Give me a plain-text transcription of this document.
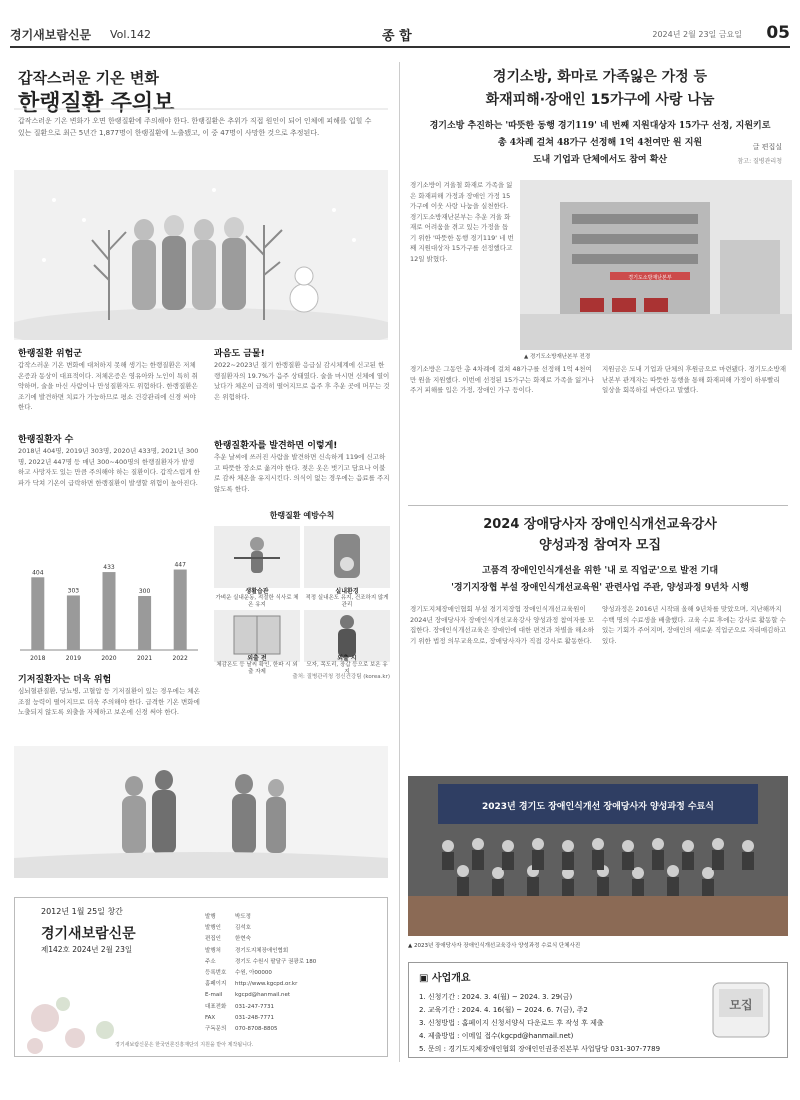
경기새보람신문 Vol.142	종 합	2024년 2월 23일 금요일 05
갑작스러운 기온 변화
한랭질환 주의보
갑작스러운 기온 변화가 오면 한랭질환에 주의해야 한다. 한랭질환은 추위가 직접 원인이 되어 인체에 피해를 입힐 수 있는 질환으로 최근 5년간 1,877명이 한랭질환에 노출됐고, 이 중 47명이 사망한 것으로 추정된다.
글 편집실
참고: 질병관리청
한랭질환 위험군
갑작스러운 기온 변화에 대처하지 못해 생기는 한랭질환은 저체온증과 동상이 대표적이다. 저체온증은 영유아와 노인이 특히 취약하며, 술을 마신 사람이나 만성질환자도 위험하다. 한랭질환은 조기에 발견하면 치료가 가능하므로 평소 건강관리에 신경 써야 한다.
한랭질환자 수
2018년 404명, 2019년 303명, 2020년 433명, 2021년 300명, 2022년 447명 등 매년 300~400명의 한랭질환자가 발생하고 사망자도 있는 만큼 주의해야 하는 질환이다. 갑작스럽게 한파가 닥쳐 기온이 급락하면 한랭질환이 발생할 위험이 높아진다.
404
2018
303
2019
433
2020
300
2021
447
2022
기저질환자는 더욱 위험
심뇌혈관질환, 당뇨병, 고혈압 등 기저질환이 있는 경우에는 체온조절 능력이 떨어지므로 더욱 주의해야 한다. 급격한 기온 변화에 노출되지 않도록 외출을 자제하고 보온에 신경 써야 한다.
과음도 금물!
2022~2023년 절기 한랭질환 응급실 감시체계에 신고된 한랭질환자의 19.7%가 음주 상태였다. 술을 마시면 신체에 열이 났다가 체온이 급격히 떨어지므로 음주 후 추운 곳에 머무는 것은 위험하다.
한랭질환자를 발견하면 이렇게!
추운 날씨에 쓰러진 사람을 발견하면 신속하게 119에 신고하고 따뜻한 장소로 옮겨야 한다. 젖은 옷은 벗기고 담요나 이불로 감싸 체온을 유지시킨다. 의식이 없는 경우에는 음료를 주지 않도록 한다.
한랭질환 예방수칙
생활습관
가벼운 실내운동, 적절한 식사로 체온 유지
실내환경
적정 실내온도 유지, 건조하지 않게 관리
외출 전
체감온도 등 날씨 확인, 한파 시 외출 자제
외출 시
모자, 목도리, 장갑 등으로 보온 유지
출처: 질병관리청 정신건강팀 (korea.kr)
2012년 1월 25일 창간
경기새보람신문
제142호 2024년 2월 23일
발행	박도정
발행인	김석호
편집인	한현숙
발행처	경기도지체장애인협회
주소	경기도 수원시 팔달구 권광로 180
등록번호 수원, 아00000
홈페이지 http://www.kgcpd.or.kr
E-mail kgcpd@hanmail.net
대표전화 031-247-7731
FAX	031-248-7771
구독문의 070-8708-8805
경기새보람신문은 한국언론진흥재단의 지원을 받아 제작됩니다.
경기소방, 화마로 가족잃은 가정 등
화재피해·장애인 15가구에 사랑 나눔
경기소방 추진하는 '따뜻한 동행 경기119' 네 번째 지원대상자 15가구 선정, 지원키로
총 4차례 걸쳐 48가구 선정해 1억 4천여만 원 지원
도내 기업과 단체에서도 참여 확산
경기소방이 겨울철 화재로 가족을 잃은 화재피해 가정과 장애인 가정 15가구에 이웃 사랑 나눔을 실천한다. 경기도소방재난본부는 추운 겨울 화재로 어려움을 겪고 있는 가정을 돕기 위한 '따뜻한 동행 경기119' 네 번째 지원대상자 15가구를 선정했다고 12일 밝혔다.
경기도소방재난본부
▲ 경기도소방재난본부 전경
경기소방은 그동안 총 4차례에 걸쳐 48가구를 선정해 1억 4천여만 원을 지원했다. 이번에 선정된 15가구는 화재로 가족을 잃거나 주거 피해를 입은 가정, 장애인 가구 등이다.
지원금은 도내 기업과 단체의 후원금으로 마련됐다. 경기도소방재난본부 관계자는 따뜻한 동행을 통해 화재피해 가정이 하루빨리 일상을 회복하길 바란다고 말했다.
2024 장애당사자 장애인식개선교육강사
양성과정 참여자 모집
고품격 장애인인식개선을 위한 '내 로 직업군'으로 발전 기대
'경기지장협 부설 장애인식개선교육원' 관련사업 주관, 양성과정 9년차 시행
경기도지체장애인협회 부설 경기지장협 장애인식개선교육원이 2024년 장애당사자 장애인식개선교육강사 양성과정 참여자를 모집한다. 장애인식개선교육은 장애인에 대한 편견과 차별을 해소하기 위한 법정 의무교육으로, 장애당사자가 직접 강사로 활동한다.
양성과정은 2016년 시작돼 올해 9년차를 맞았으며, 지난해까지 수백 명의 수료생을 배출했다. 교육 수료 후에는 강사로 활동할 수 있는 기회가 주어지며, 장애인의 새로운 직업군으로 자리매김하고 있다.
2023년 경기도 장애인식개선 장애당사자 양성과정 수료식
▲ 2023년 장애당사자 장애인식개선교육강사 양성과정 수료식 단체사진
▣ 사업개요
1. 신청기간 : 2024. 3. 4(월) ~ 2024. 3. 29(금)
2. 교육기간 : 2024. 4. 16(월) ~ 2024. 6. 7(금), 주2
3. 신청방법 : 홈페이지 신청서양식 다운로드 후 작성 후 제출
4. 제출방법 : 이메일 접수(kgcpd@hanmail.net)
5. 문의 : 경기도지체장애인협회 장애인인권증진본부 사업담당 031-307-7789
모집
